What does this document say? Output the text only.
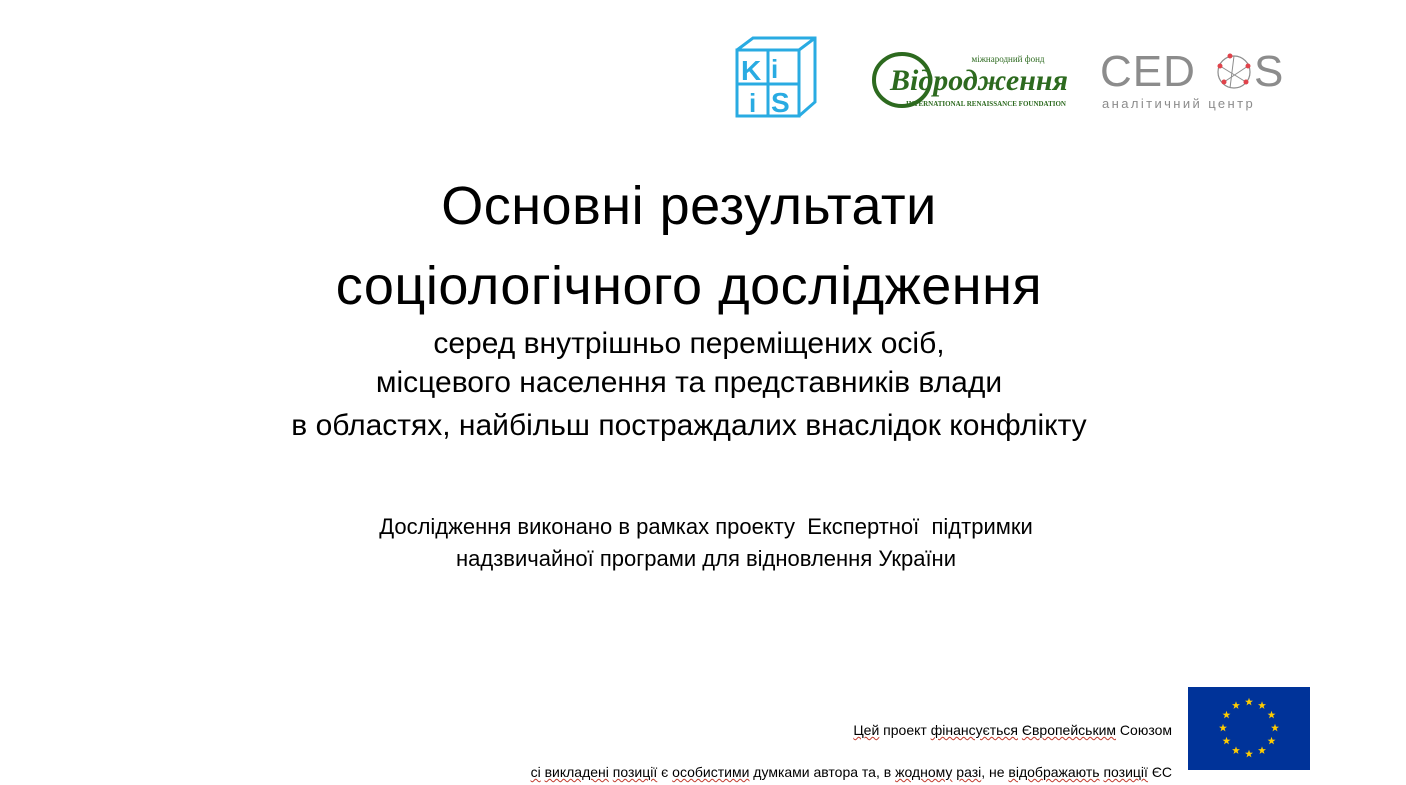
K i
i S
міжнародний фонд
Відродження
INTERNATIONAL RENAISSANCE FOUNDATION
CED S
аналітичний центр
Основні результати
соціологічного дослідження
серед внутрішньо переміщених осіб,
місцевого населення та представників влади
в областях, найбільш постраждалих внаслідок конфлікту
Дослідження виконано в рамках проекту  Експертної  підтримки
надзвичайної програми для відновлення України

Цей проект фінансується Європейським Союзом

сі викладені позиції є особистими думками автора та, в жодному разі, не відображають позиції ЄС
